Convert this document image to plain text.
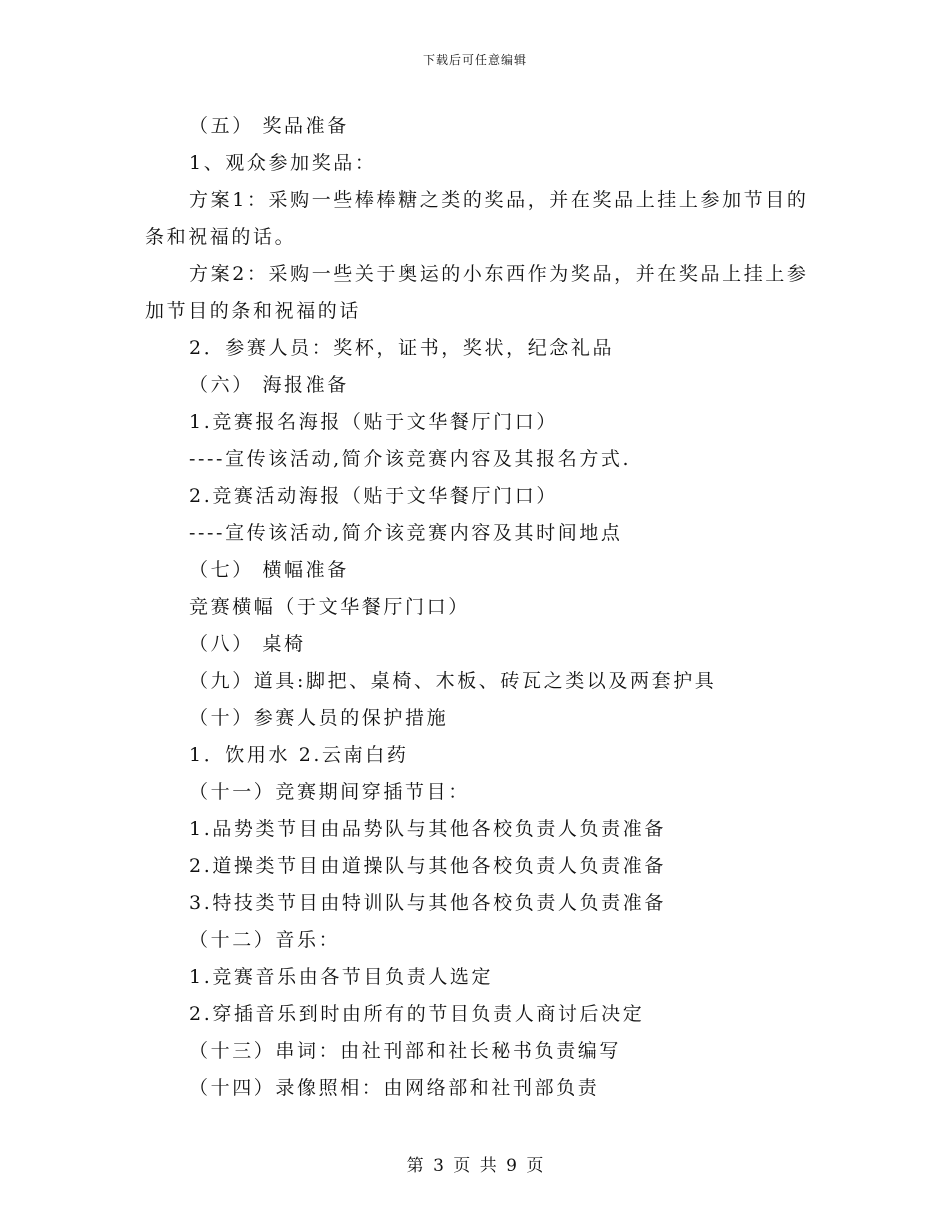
下载后可任意编辑
（五） 奖品准备
1、观众参加奖品：
方案1：采购一些棒棒糖之类的奖品，并在奖品上挂上参加节目的
条和祝福的话。
方案2：采购一些关于奥运的小东西作为奖品，并在奖品上挂上参
加节目的条和祝福的话
2．参赛人员：奖杯，证书，奖状，纪念礼品
（六） 海报准备
1.竞赛报名海报（贴于文华餐厅门口）
----宣传该活动,简介该竞赛内容及其报名方式.
2.竞赛活动海报（贴于文华餐厅门口）
----宣传该活动,简介该竞赛内容及其时间地点
（七） 横幅准备
竞赛横幅（于文华餐厅门口）
（八） 桌椅
（九）道具:脚把、桌椅、木板、砖瓦之类以及两套护具
（十）参赛人员的保护措施
1．饮用水 2.云南白药
（十一）竞赛期间穿插节目：
1.品势类节目由品势队与其他各校负责人负责准备
2.道操类节目由道操队与其他各校负责人负责准备
3.特技类节目由特训队与其他各校负责人负责准备
（十二）音乐：
1.竞赛音乐由各节目负责人选定
2.穿插音乐到时由所有的节目负责人商讨后决定
（十三）串词：由社刊部和社长秘书负责编写
（十四）录像照相：由网络部和社刊部负责
第 3 页 共 9 页
